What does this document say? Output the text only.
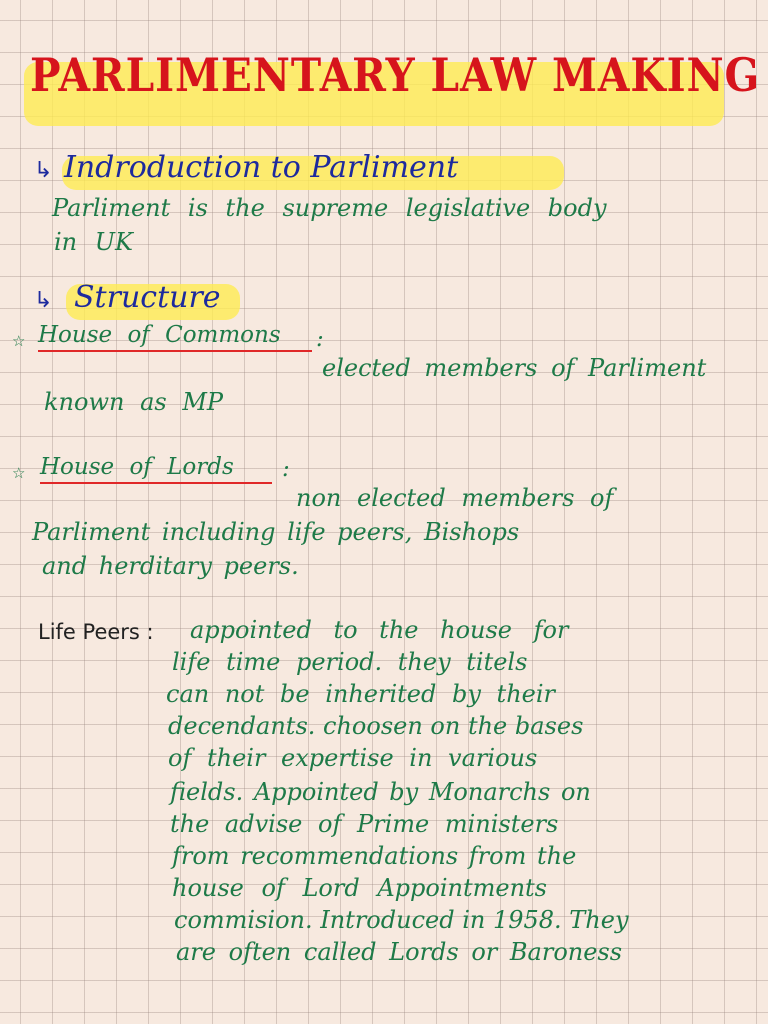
PARLIMENTARY LAW MAKING
↳ Indroduction to Parliment
Parliment is the supreme legislative body
in UK
↳ Structure
☆ House of Commons :
elected members of Parliment
known as MP
☆ House of Lords :
non elected members of
Parliment including life peers, Bishops
and herditary peers.
Life Peers : appointed to the house for
life time period. they titels
can not be inherited by their
decendants. choosen on the bases
of their expertise in various
fields. Appointed by Monarchs on
the advise of Prime ministers
from recommendations from the
house of Lord Appointments
commision. Introduced in 1958. They
are often called Lords or Baroness
